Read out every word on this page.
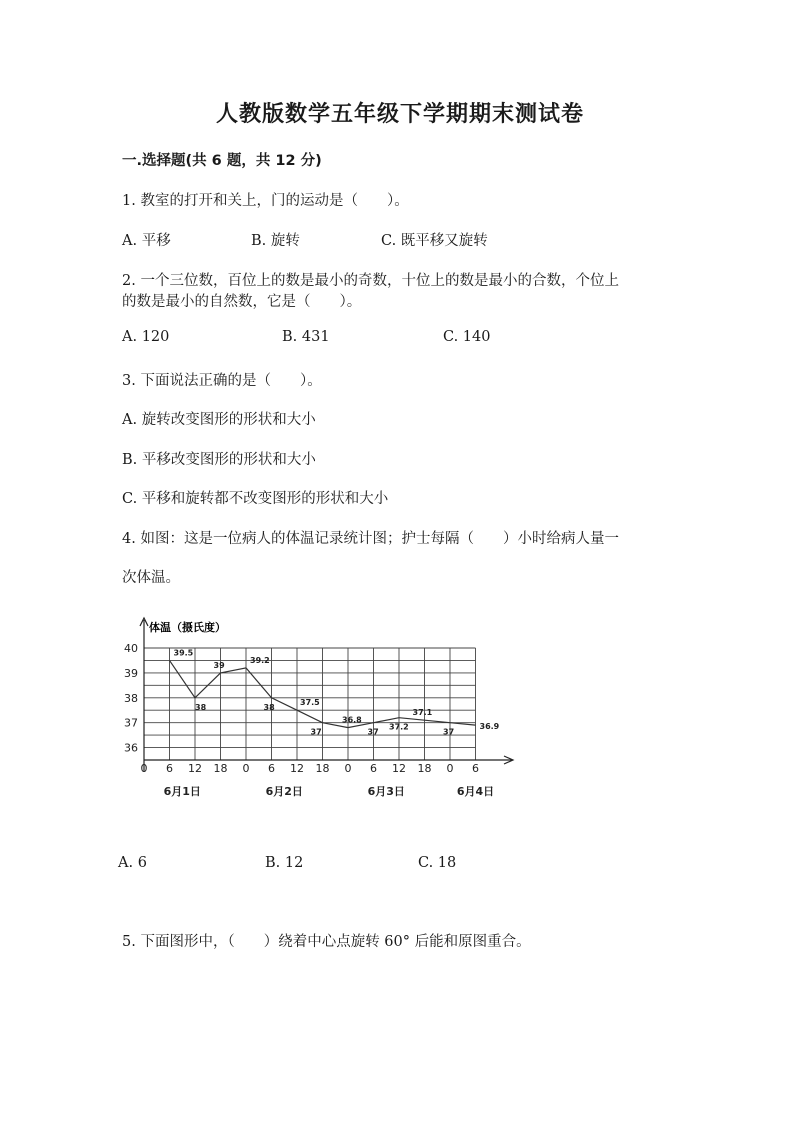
人教版数学五年级下学期期末测试卷
一.选择题(共 6 题，共 12 分)
1. 教室的打开和关上，门的运动是（　　）。
A. 平移	B. 旋转	C. 既平移又旋转
2. 一个三位数，百位上的数是最小的奇数，十位上的数是最小的合数，个位上
的数是最小的自然数，它是（　　）。
A. 120	B. 431	C. 140
3. 下面说法正确的是（　　）。
A. 旋转改变图形的形状和大小
B. 平移改变图形的形状和大小
C. 平移和旋转都不改变图形的形状和大小
4. 如图：这是一位病人的体温记录统计图；护士每隔（　　）小时给病人量一
次体温。
体温（摄氏度）
36
37
38
39
40
0 6 12 18 0 6 12 18 0 6 12 18 0 6
6月1日	6月2日	6月3日	6月4日
39.5
38
39
39.2
38
37.5
37
36.8
37
37.2
37.1
37
36.9
A. 6	B. 12	C. 18
5. 下面图形中，（　　）绕着中心点旋转 60° 后能和原图重合。
